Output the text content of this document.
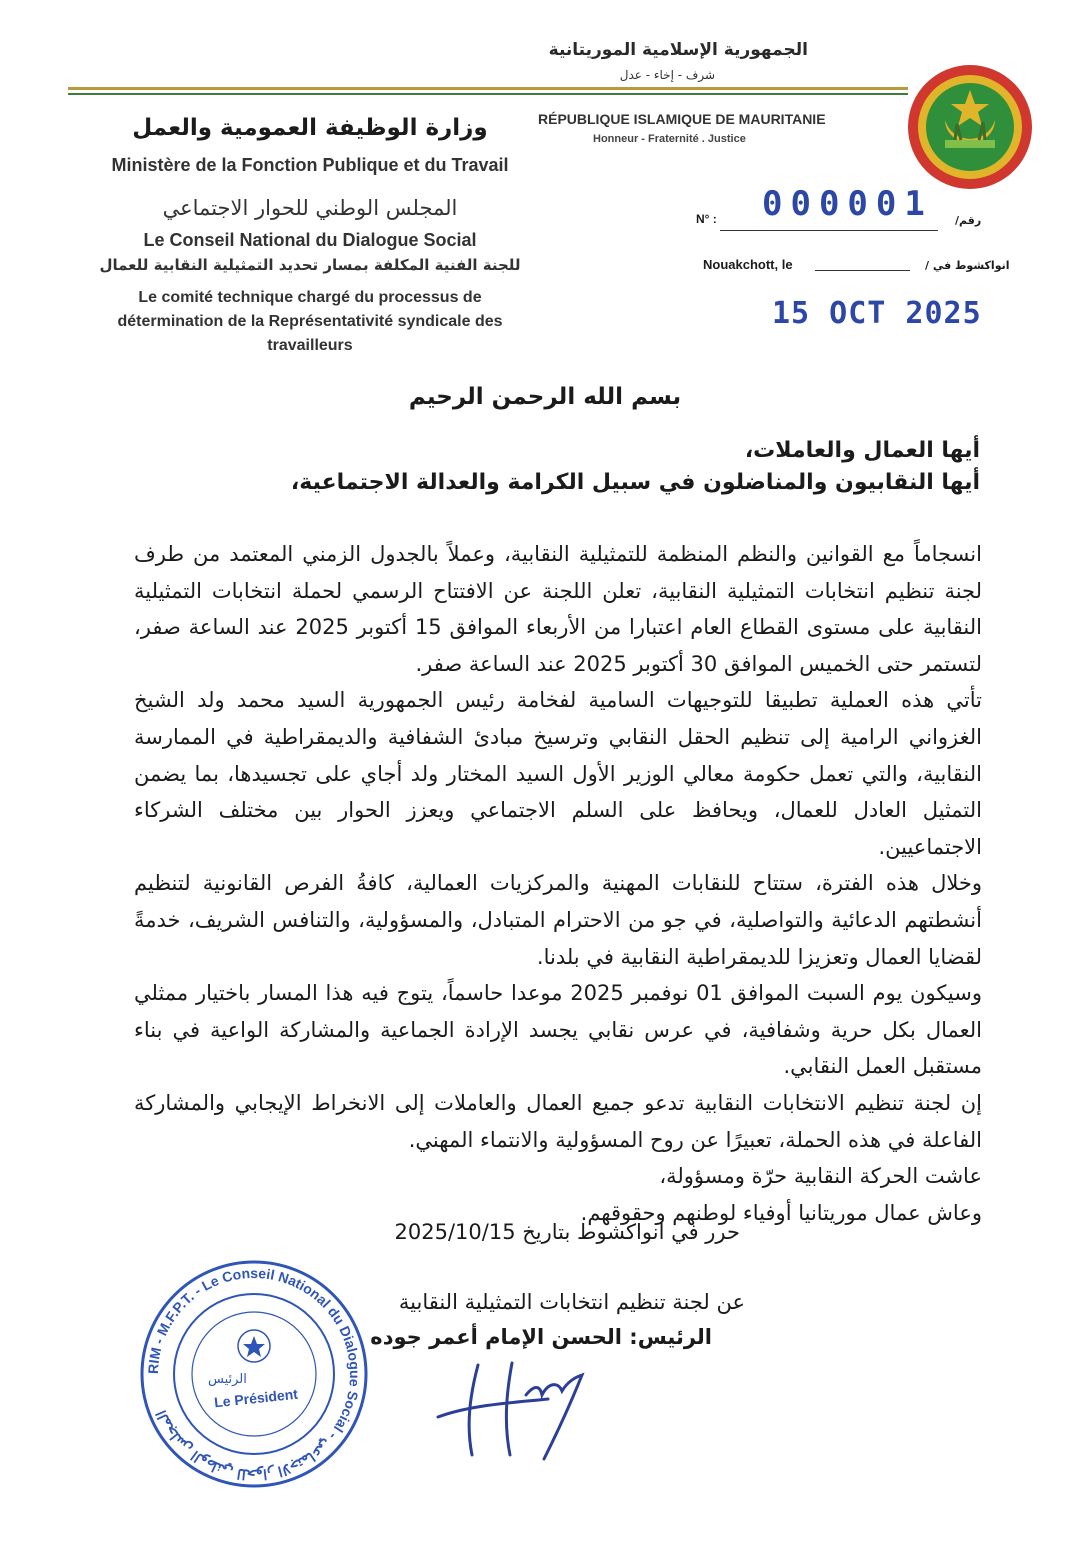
الجمهورية الإسلامية الموريتانية
شرف - إخاء - عدل
RÉPUBLIQUE ISLAMIQUE DE MAURITANIE
Honneur - Fraternité . Justice
وزارة الوظيفة العمومية والعمل
Ministère de la Fonction Publique et du Travail
المجلس الوطني للحوار الاجتماعي
Le Conseil National du Dialogue Social
للجنة الفنية المكلفة بمسار تحديد التمثيلية النقابية للعمال
Le comité technique chargé du processus de détermination de la Représentativité syndicale des travailleurs
N° :	رقم/
000001
Nouakchott, le	انواكشوط في /
15 OCT 2025
بسم الله الرحمن الرحيم
أيها العمال والعاملات،
أيها النقابيون والمناضلون في سبيل الكرامة والعدالة الاجتماعية،

انسجاماً مع القوانين والنظم المنظمة للتمثيلية النقابية، وعملاً بالجدول الزمني المعتمد من طرف لجنة تنظيم انتخابات التمثيلية النقابية، تعلن اللجنة عن الافتتاح الرسمي لحملة انتخابات التمثيلية النقابية على مستوى القطاع العام اعتبارا من الأربعاء الموافق 15 أكتوبر 2025 عند الساعة صفر، لتستمر حتى الخميس الموافق 30 أكتوبر 2025 عند الساعة صفر.

تأتي هذه العملية تطبيقا للتوجيهات السامية لفخامة رئيس الجمهورية السيد محمد ولد الشيخ الغزواني الرامية إلى تنظيم الحقل النقابي وترسيخ مبادئ الشفافية والديمقراطية في الممارسة النقابية، والتي تعمل حكومة معالي الوزير الأول السيد المختار ولد أجاي على تجسيدها، بما يضمن التمثيل العادل للعمال، ويحافظ على السلم الاجتماعي ويعزز الحوار بين مختلف الشركاء الاجتماعيين.

وخلال هذه الفترة، ستتاح للنقابات المهنية والمركزيات العمالية، كافةُ الفرص القانونية لتنظيم أنشطتهم الدعائية والتواصلية، في جو من الاحترام المتبادل، والمسؤولية، والتنافس الشريف، خدمةً لقضايا العمال وتعزيزا للديمقراطية النقابية في بلدنا.

وسيكون يوم السبت الموافق 01 نوفمبر 2025 موعدا حاسماً، يتوج فيه هذا المسار باختيار ممثلي العمال بكل حرية وشفافية، في عرس نقابي يجسد الإرادة الجماعية والمشاركة الواعية في بناء مستقبل العمل النقابي.

إن لجنة تنظيم الانتخابات النقابية تدعو جميع العمال والعاملات إلى الانخراط الإيجابي والمشاركة الفاعلة في هذه الحملة، تعبيرًا عن روح المسؤولية والانتماء المهني.

عاشت الحركة النقابية حرّة ومسؤولة،

وعاش عمال موريتانيا أوفياء لوطنهم وحقوقهم.

حرر في انواكشوط بتاريخ 2025/10/15
عن لجنة تنظيم انتخابات التمثيلية النقابية
الرئيس: الحسن الإمام أعمر جوده
RIM - M.F.P.T. - Le Conseil National du Dialogue Social - المجلس الوطني للحوار الاجتماعي
الرئيس
Le Président
